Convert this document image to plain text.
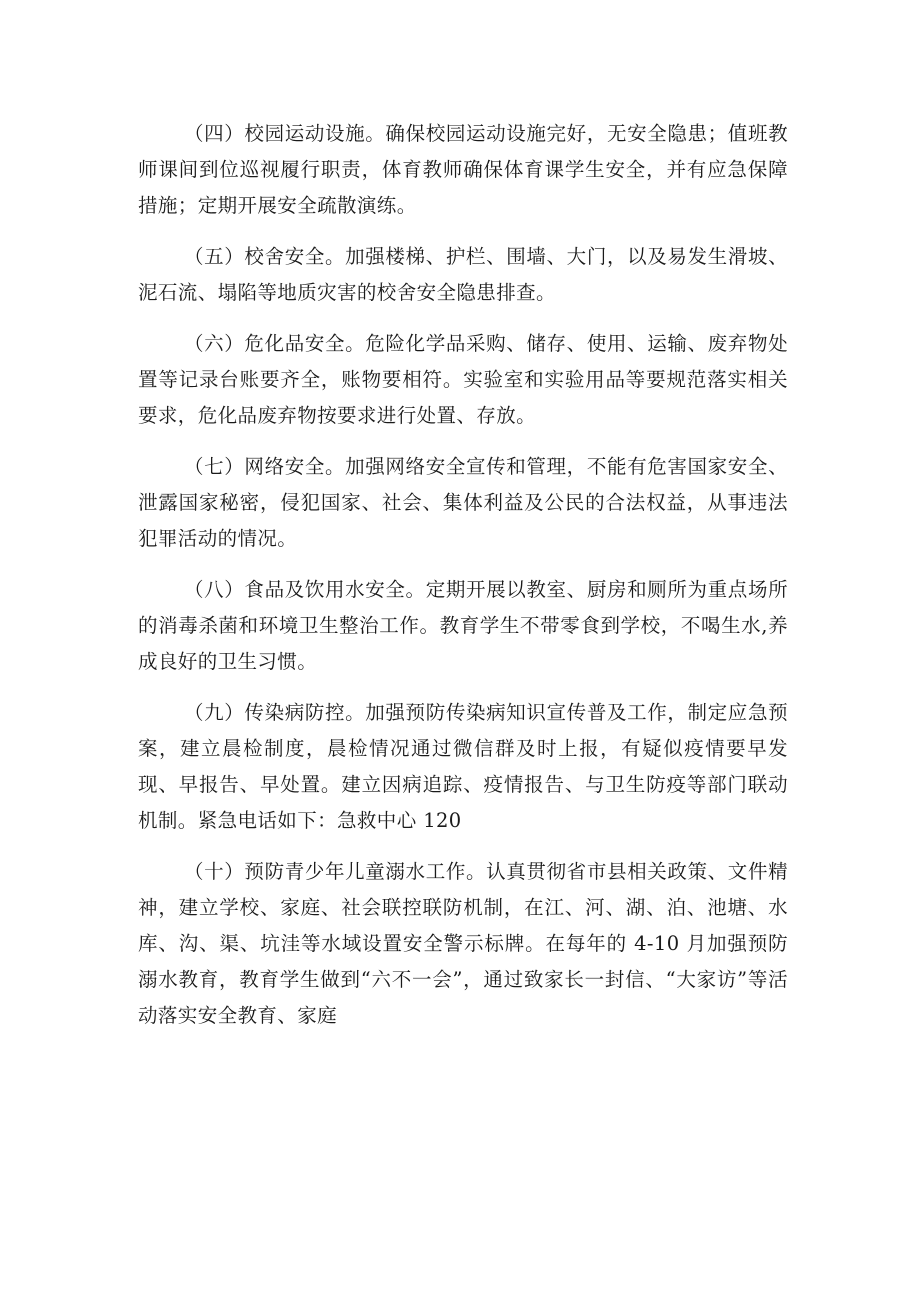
（四）校园运动设施。确保校园运动设施完好，无安全隐患；值班教师课间到位巡视履行职责，体育教师确保体育课学生安全，并有应急保障措施；定期开展安全疏散演练。

（五）校舍安全。加强楼梯、护栏、围墙、大门，以及易发生滑坡、泥石流、塌陷等地质灾害的校舍安全隐患排查。

（六）危化品安全。危险化学品采购、储存、使用、运输、废弃物处置等记录台账要齐全，账物要相符。实验室和实验用品等要规范落实相关要求，危化品废弃物按要求进行处置、存放。

（七）网络安全。加强网络安全宣传和管理，不能有危害国家安全、泄露国家秘密，侵犯国家、社会、集体利益及公民的合法权益，从事违法犯罪活动的情况。

（八）食品及饮用水安全。定期开展以教室、厨房和厕所为重点场所的消毒杀菌和环境卫生整治工作。教育学生不带零食到学校，不喝生水,养成良好的卫生习惯。

（九）传染病防控。加强预防传染病知识宣传普及工作，制定应急预案，建立晨检制度，晨检情况通过微信群及时上报，有疑似疫情要早发现、早报告、早处置。建立因病追踪、疫情报告、与卫生防疫等部门联动机制。紧急电话如下：急救中心 120

（十）预防青少年儿童溺水工作。认真贯彻省市县相关政策、文件精神，建立学校、家庭、社会联控联防机制，在江、河、湖、泊、池塘、水库、沟、渠、坑洼等水域设置安全警示标牌。在每年的 4-10 月加强预防溺水教育，教育学生做到“六不一会”，通过致家长一封信、“大家访”等活动落实安全教育、家庭
